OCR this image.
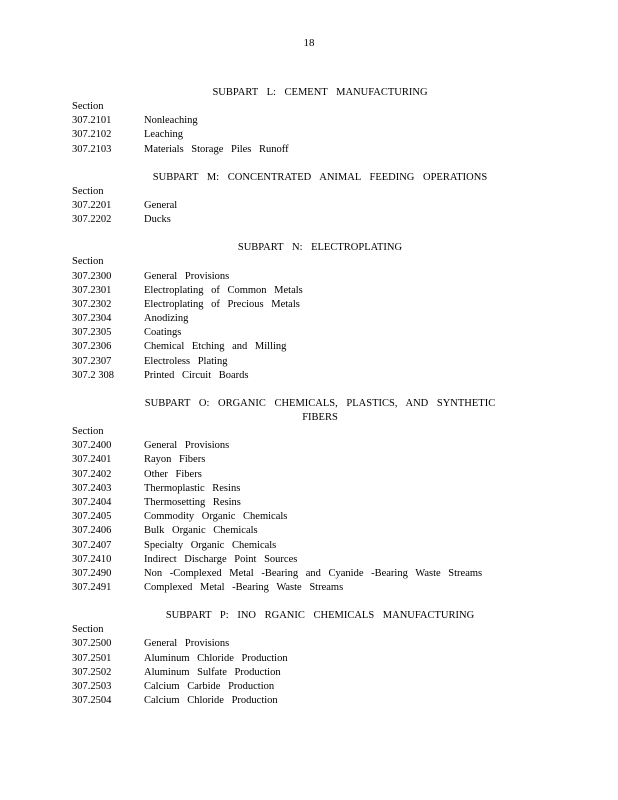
18
SUBPART L: CEMENT MANUFACTURING
Section
307.2101	Nonleaching
307.2102	Leaching
307.2103	Materials Storage Piles Runoff
SUBPART M: CONCENTRATED ANIMAL FEEDING OPERATIONS
Section
307.2201	General
307.2202	Ducks
SUBPART N: ELECTROPLATING
Section
307.2300	General Provisions
307.2301	Electroplating of Common Metals
307.2302	Electroplating of Precious Metals
307.2304	Anodizing
307.2305	Coatings
307.2306	Chemical Etching and Milling
307.2307	Electroless Plating
307.2 308	Printed Circuit Boards
SUBPART O: ORGANIC CHEMICALS, PLASTICS, AND SYNTHETIC
FIBERS
Section
307.2400	General Provisions
307.2401	Rayon Fibers
307.2402	Other Fibers
307.2403	Thermoplastic Resins
307.2404	Thermosetting Resins
307.2405	Commodity Organic Chemicals
307.2406	Bulk Organic Chemicals
307.2407	Specialty Organic Chemicals
307.2410	Indirect Discharge Point Sources
307.2490	Non -Complexed Metal -Bearing and Cyanide -Bearing Waste Streams
307.2491	Complexed Metal -Bearing Waste Streams
SUBPART P: INO RGANIC CHEMICALS MANUFACTURING
Section
307.2500	General Provisions
307.2501	Aluminum Chloride Production
307.2502	Aluminum Sulfate Production
307.2503	Calcium Carbide Production
307.2504	Calcium Chloride Production
